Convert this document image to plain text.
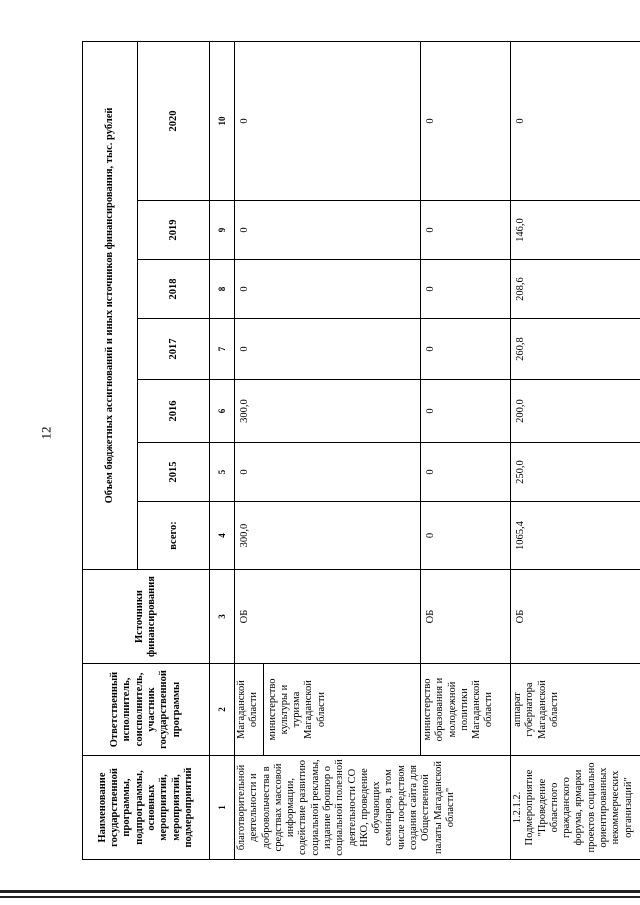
12
Наименование государственной программы, подпрограммы, основных мероприятий, мероприятий, подмероприятий	Ответственный исполнитель, соисполнитель, участник государственной программы	Источники финансирования	Объем бюджетных ассигнований и иных источников финансирования, тыс. рублей						
			всего:	2015	2016	2017	2018	2019	2020
1	2	3	4	5	6	7	8	9	10
благотворительной деятельности и добровольчества в средствах массовой информации, содействие развитию социальной рекламы, издание брошюр о социальной полезной деятельности СО НКО, проведение обучающих семинаров, в том числе посредством создания сайта для Общественной палаты Магаданской области"	Магаданской области министерство культуры и туризма Магаданской области	ОБ	300,0	0	300,0	0	0	0	0
	министерство образования и молодежной политики Магаданской области	ОБ	0	0	0	0	0	0	0
1.2.1.2. Подмероприятие "Проведение областного гражданского форума, ярмарки проектов социально ориентированных некоммерческих организаций"	аппарат губернатора Магаданской области	ОБ	1065,4	250,0	200,0	260,8	208,6	146,0	0
